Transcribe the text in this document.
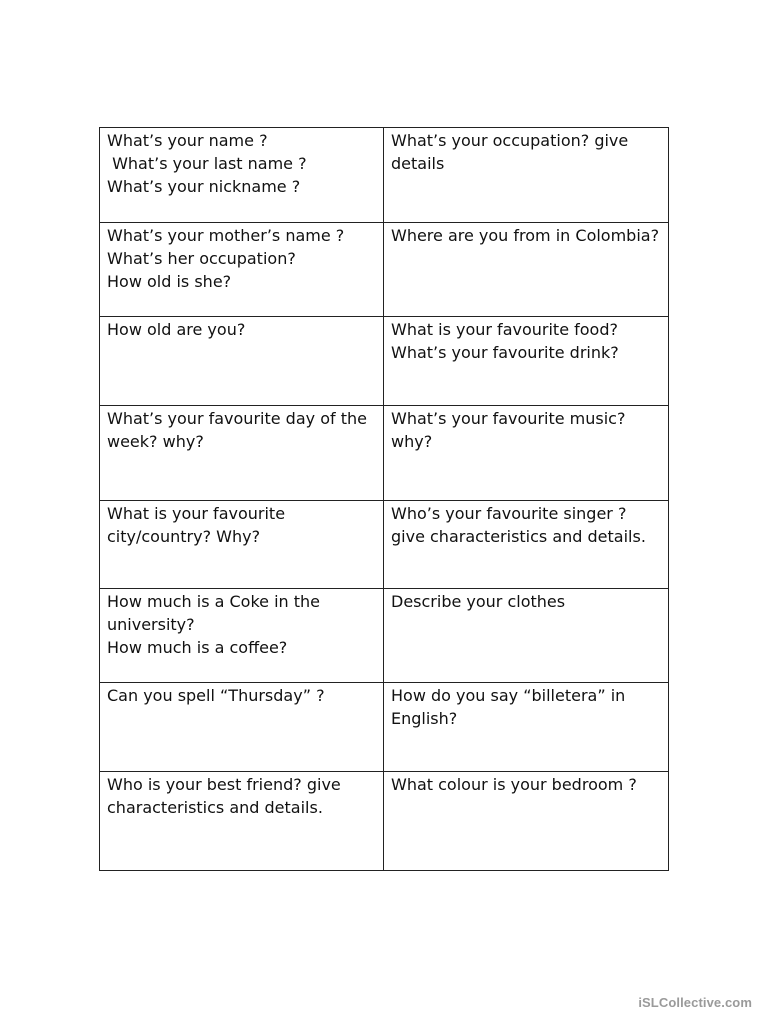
What’s your name ?
What’s your last name ?
What’s your nickname ?	What’s your occupation? give details

What’s your mother’s name ?
What’s her occupation?
How old is she?	Where are you from in Colombia?

How old are you?	What is your favourite food?
What’s your favourite drink?

What’s your favourite day of the week? why?	What’s your favourite music? why?

What is your favourite city/country? Why?	Who’s your favourite singer ? give characteristics and details.

How much is a Coke in the university?
How much is a coffee?	Describe your clothes

Can you spell “Thursday” ?	How do you say “billetera” in English?

Who is your best friend? give characteristics and details.	What colour is your bedroom ?
iSLCollective.com
